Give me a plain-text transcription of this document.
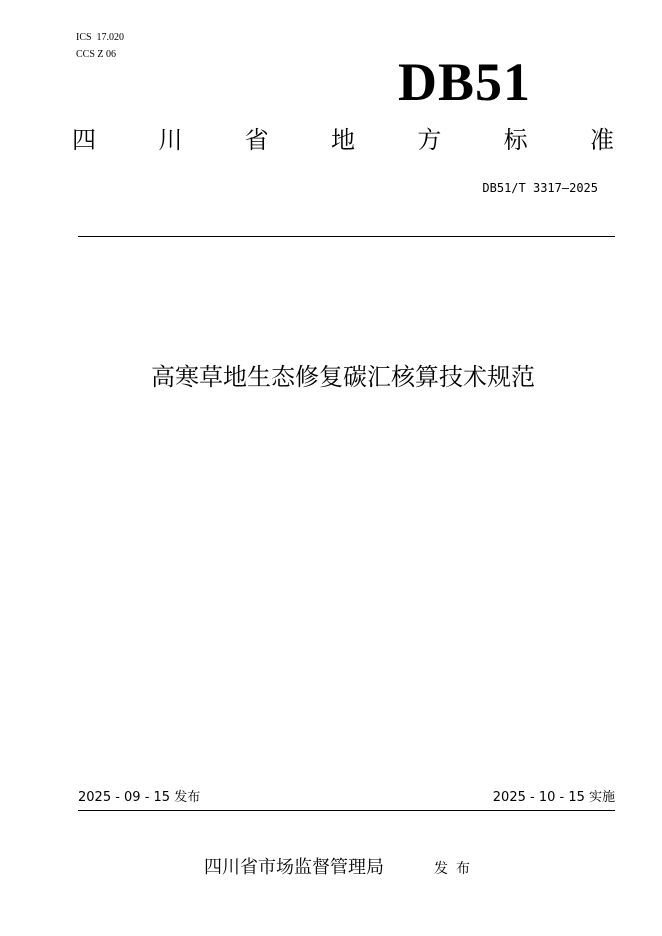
ICS  17.020
CCS Z 06	DB51
四	川	省	地	方	标	准
DB51/T 3317—2025
高寒草地生态修复碳汇核算技术规范
2025 - 09 - 15 发布	2025 - 10 - 15 实施
四川省市场监督管理局	发布
